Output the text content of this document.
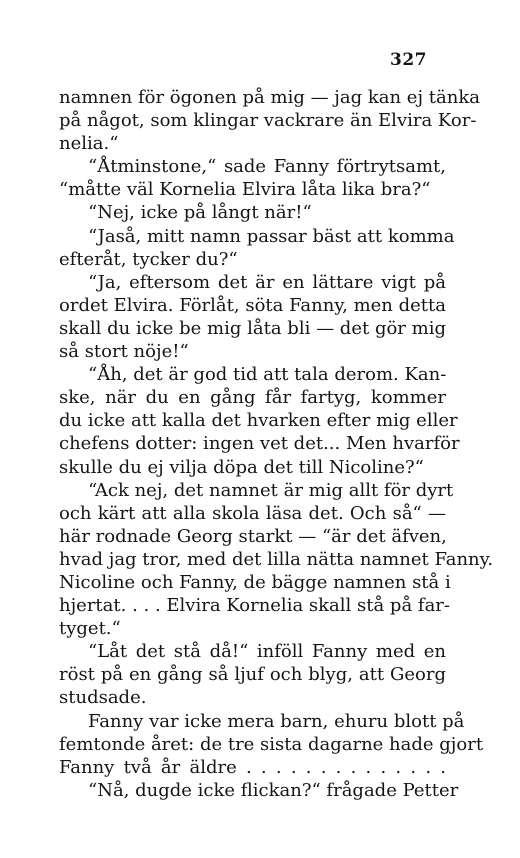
327
namnen för ögonen på mig — jag kan ej tänka
på något, som klingar vackrare än Elvira Kor-
nelia.“
“Åtminstone,“ sade Fanny förtrytsamt,
“måtte väl Kornelia Elvira låta lika bra?“
“Nej, icke på långt när!“
“Jaså, mitt namn passar bäst att komma
efteråt, tycker du?“
“Ja, eftersom det är en lättare vigt på
ordet Elvira. Förlåt, söta Fanny, men detta
skall du icke be mig låta bli — det gör mig
så stort nöje!“
“Åh, det är god tid att tala derom. Kan-
ske, när du en gång får fartyg, kommer
du icke att kalla det hvarken efter mig eller
chefens dotter: ingen vet det... Men hvarför
skulle du ej vilja döpa det till Nicoline?“
“Ack nej, det namnet är mig allt för dyrt
och kärt att alla skola läsa det. Och så“ —
här rodnade Georg starkt — “är det äfven,
hvad jag tror, med det lilla nätta namnet Fanny.
Nicoline och Fanny, de bägge namnen stå i
hjertat. . . . Elvira Kornelia skall stå på far-
tyget.“
“Låt det stå då!“ inföll Fanny med en
röst på en gång så ljuf och blyg, att Georg
studsade.
Fanny var icke mera barn, ehuru blott på
femtonde året: de tre sista dagarne hade gjort
Fanny två år äldre . . . . . . . . . . . . . .
“Nå, dugde icke flickan?“ frågade Petter
